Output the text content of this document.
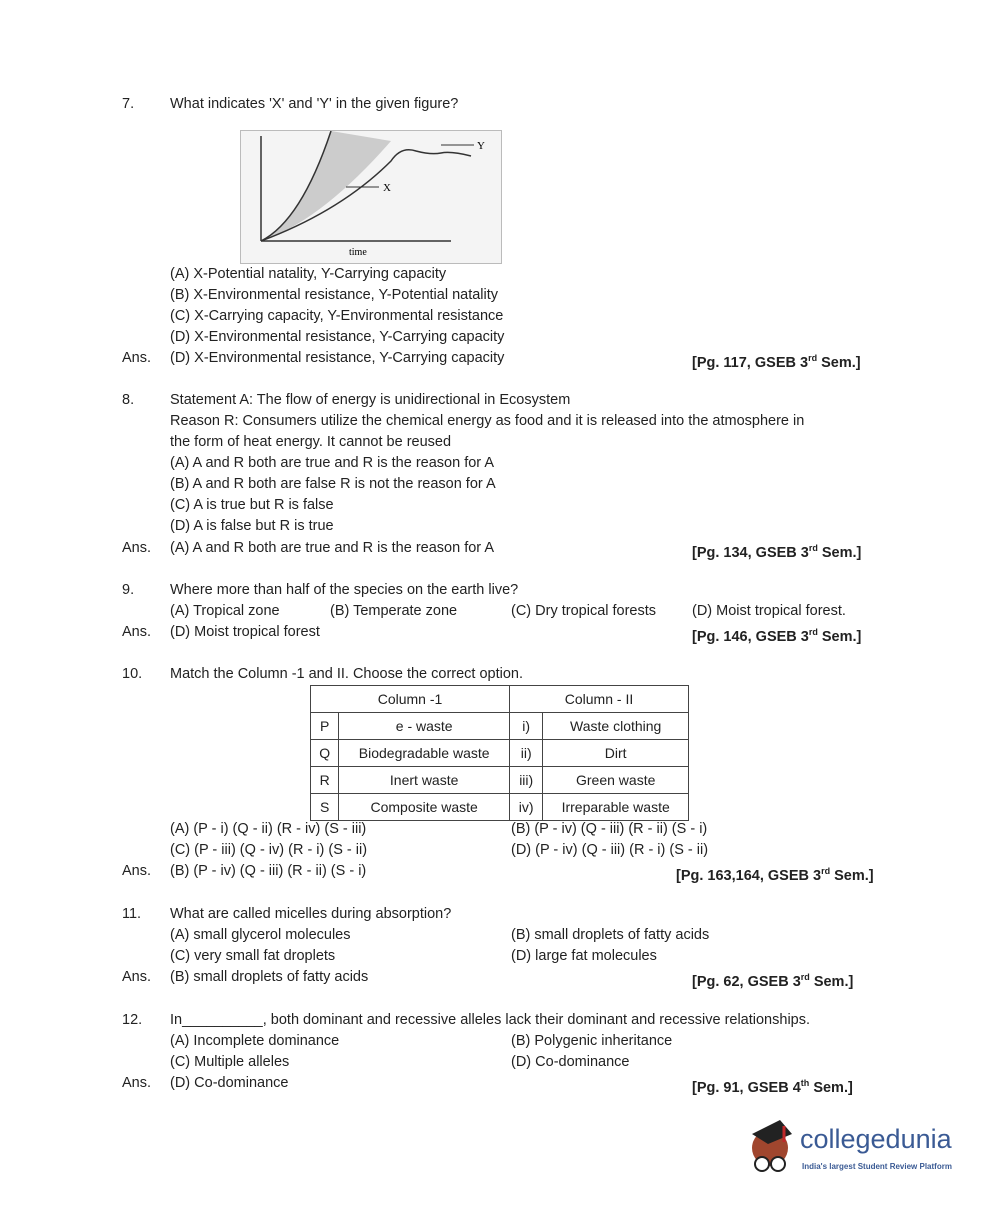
7. What indicates 'X' and 'Y' in the given figure?
X
Y
time
(A) X-Potential natality, Y-Carrying capacity
(B) X-Environmental resistance, Y-Potential natality
(C) X-Carrying capacity, Y-Environmental resistance
(D) X-Environmental resistance, Y-Carrying capacity
Ans. (D) X-Environmental resistance, Y-Carrying capacity	[Pg. 117, GSEB 3rd Sem.]
8. Statement A: The flow of energy is unidirectional in Ecosystem
Reason R: Consumers utilize the chemical energy as food and it is released into the atmosphere in
the form of heat energy. It cannot be reused
(A) A and R both are true and R is the reason for A
(B) A and R both are false R is not the reason for A
(C) A is true but R is false
(D) A is false but R is true
Ans. (A) A and R both are true and R is the reason for A	[Pg. 134, GSEB 3rd Sem.]
9. Where more than half of the species on the earth live?
(A) Tropical zone	(B) Temperate zone	(C) Dry tropical forests (D) Moist tropical forest.
Ans. (D) Moist tropical forest	[Pg. 146, GSEB 3rd Sem.]
10. Match the Column -1 and II. Choose the correct option.
Column -1		Column - II	
P	e - waste	i)	Waste clothing
Q	Biodegradable waste	ii)	Dirt
R	Inert waste	iii)	Green waste
S	Composite waste	iv)	Irreparable waste
(A) (P - i) (Q - ii) (R - iv) (S - iii)	(B) (P - iv) (Q - iii) (R - ii) (S - i)
(C) (P - iii) (Q - iv) (R - i) (S - ii)	(D) (P - iv) (Q - iii) (R - i) (S - ii)
Ans. (B) (P - iv) (Q - iii) (R - ii) (S - i)	[Pg. 163,164, GSEB 3rd Sem.]
11. What are called micelles during absorption?
(A) small glycerol molecules	(B) small droplets of fatty acids
(C) very small fat droplets	(D) large fat molecules
Ans. (B) small droplets of fatty acids	[Pg. 62, GSEB 3rd Sem.]
12. In__________, both dominant and recessive alleles lack their dominant and recessive relationships.
(A) Incomplete dominance	(B) Polygenic inheritance
(C) Multiple alleles	(D) Co-dominance
Ans. (D) Co-dominance	[Pg. 91, GSEB 4th Sem.]
collegedunia
India's largest Student Review Platform
